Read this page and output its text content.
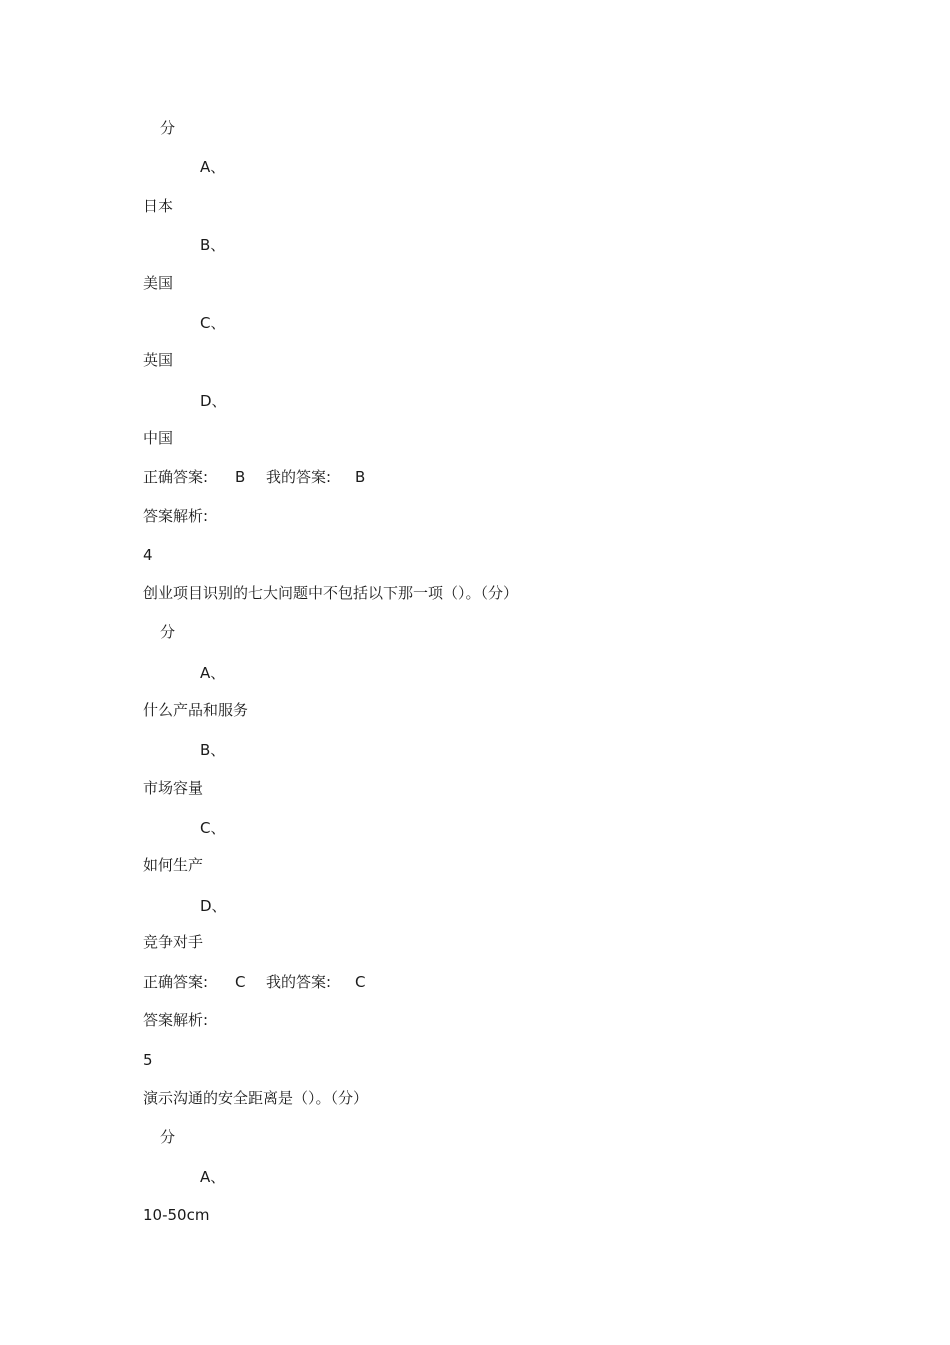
分
A、
日本
B、
美国
C、
英国
D、
中国
正确答案:	B	我的答案:	B
答案解析:
4
创业项目识别的七大问题中不包括以下那一项（）。（分）
分
A、
什么产品和服务
B、
市场容量
C、
如何生产
D、
竞争对手
正确答案:	C	我的答案:	C
答案解析:
5
演示沟通的安全距离是（）。（分）
分
A、
10-50cm
